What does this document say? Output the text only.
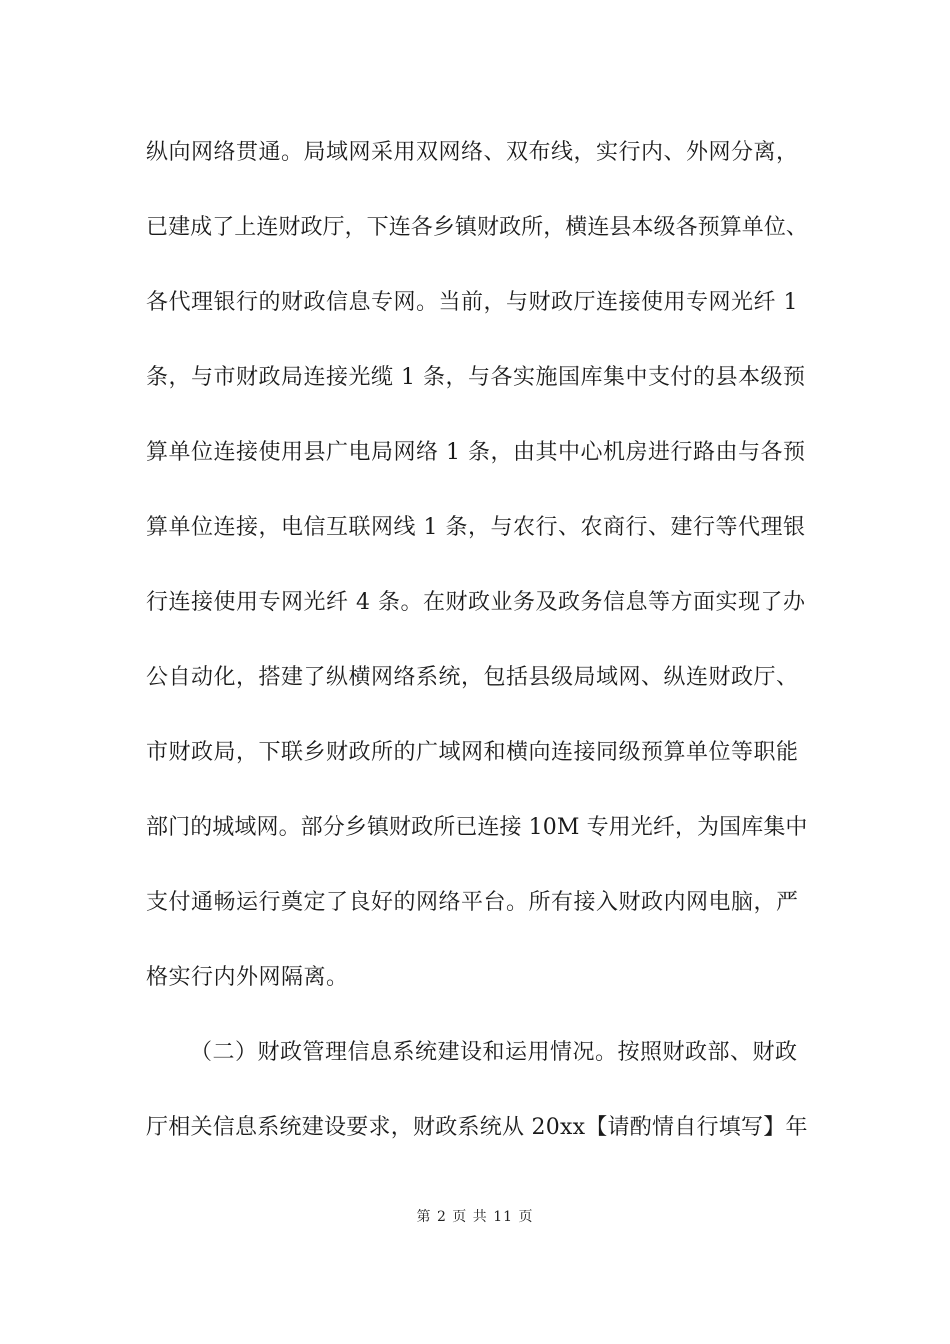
纵向网络贯通。局域网采用双网络、双布线，实行内、外网分离，
已建成了上连财政厅，下连各乡镇财政所，横连县本级各预算单位、
各代理银行的财政信息专网。当前，与财政厅连接使用专网光纤 1
条，与市财政局连接光缆 1 条，与各实施国库集中支付的县本级预
算单位连接使用县广电局网络 1 条，由其中心机房进行路由与各预
算单位连接，电信互联网线 1 条，与农行、农商行、建行等代理银
行连接使用专网光纤 4 条。在财政业务及政务信息等方面实现了办
公自动化，搭建了纵横网络系统，包括县级局域网、纵连财政厅、
市财政局，下联乡财政所的广域网和横向连接同级预算单位等职能
部门的城域网。部分乡镇财政所已连接 10M 专用光纤，为国库集中
支付通畅运行奠定了良好的网络平台。所有接入财政内网电脑，严
格实行内外网隔离。
（二）财政管理信息系统建设和运用情况。按照财政部、财政
厅相关信息系统建设要求，财政系统从 20xx【请酌情自行填写】年
第 2 页 共 11 页
